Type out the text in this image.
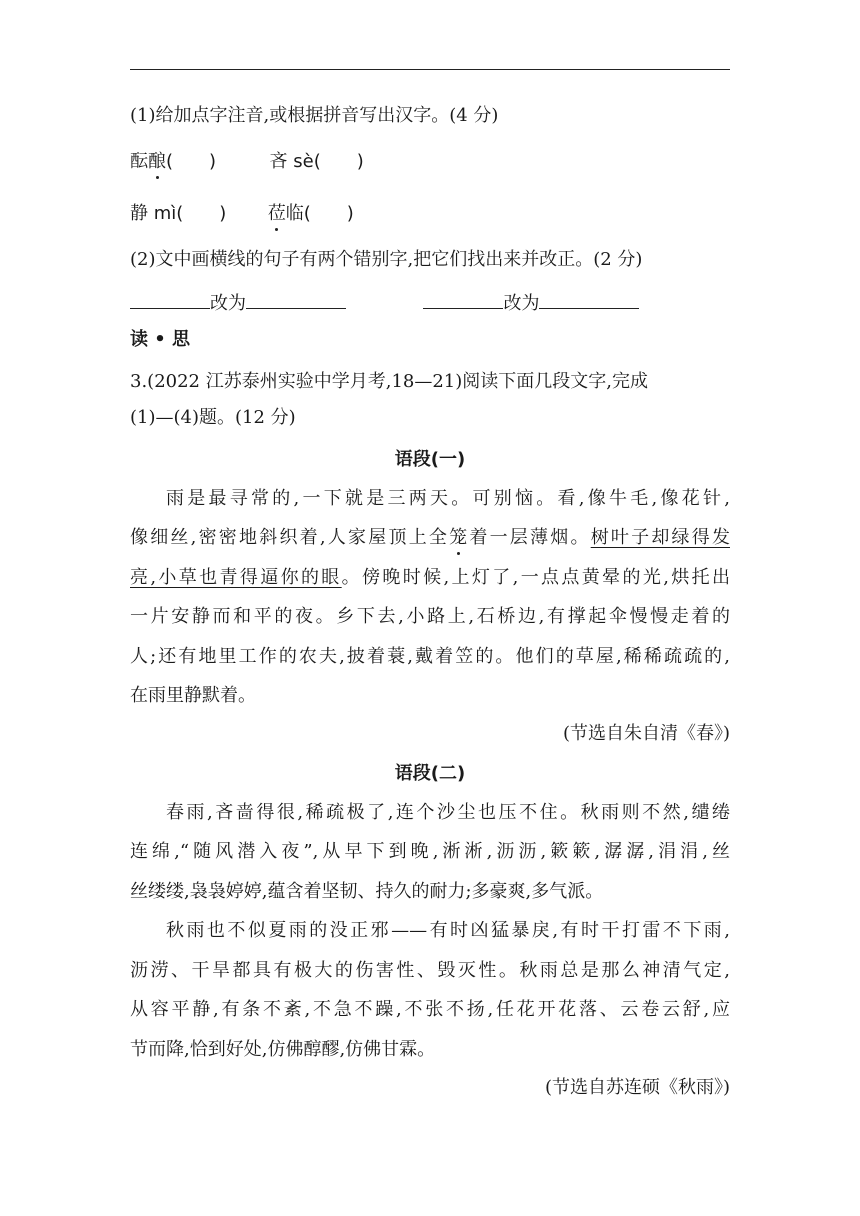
(1)给加点字注音,或根据拼音写出汉字。(4 分)
酝酿(　　)	吝 sè(　　)
静 mì(　　) 莅临(　　)
(2)文中画横线的句子有两个错别字,把它们找出来并改正。(2 分)
改为	改为
读 • 思
3.(2022 江苏泰州实验中学月考,18—21)阅读下面几段文字,完成
(1)—(4)题。(12 分)
语段(一)
雨是最寻常的,一下就是三两天。可别恼。看,像牛毛,像花针,
像细丝,密密地斜织着,人家屋顶上全笼着一层薄烟。树叶子却绿得发
亮,小草也青得逼你的眼。傍晚时候,上灯了,一点点黄晕的光,烘托出
一片安静而和平的夜。乡下去,小路上,石桥边,有撑起伞慢慢走着的
人;还有地里工作的农夫,披着蓑,戴着笠的。他们的草屋,稀稀疏疏的,
在雨里静默着。
(节选自朱自清《春》)
语段(二)
春雨,吝啬得很,稀疏极了,连个沙尘也压不住。秋雨则不然,缱绻
连绵,“随风潜入夜”,从早下到晚,淅淅,沥沥,簌簌,潺潺,涓涓,丝
丝缕缕,袅袅婷婷,蕴含着坚韧、持久的耐力;多豪爽,多气派。
秋雨也不似夏雨的没正邪——有时凶猛暴戾,有时干打雷不下雨,
沥涝、干旱都具有极大的伤害性、毁灭性。秋雨总是那么神清气定,
从容平静,有条不紊,不急不躁,不张不扬,任花开花落、云卷云舒,应
节而降,恰到好处,仿佛醇醪,仿佛甘霖。
(节选自苏连硕《秋雨》)
